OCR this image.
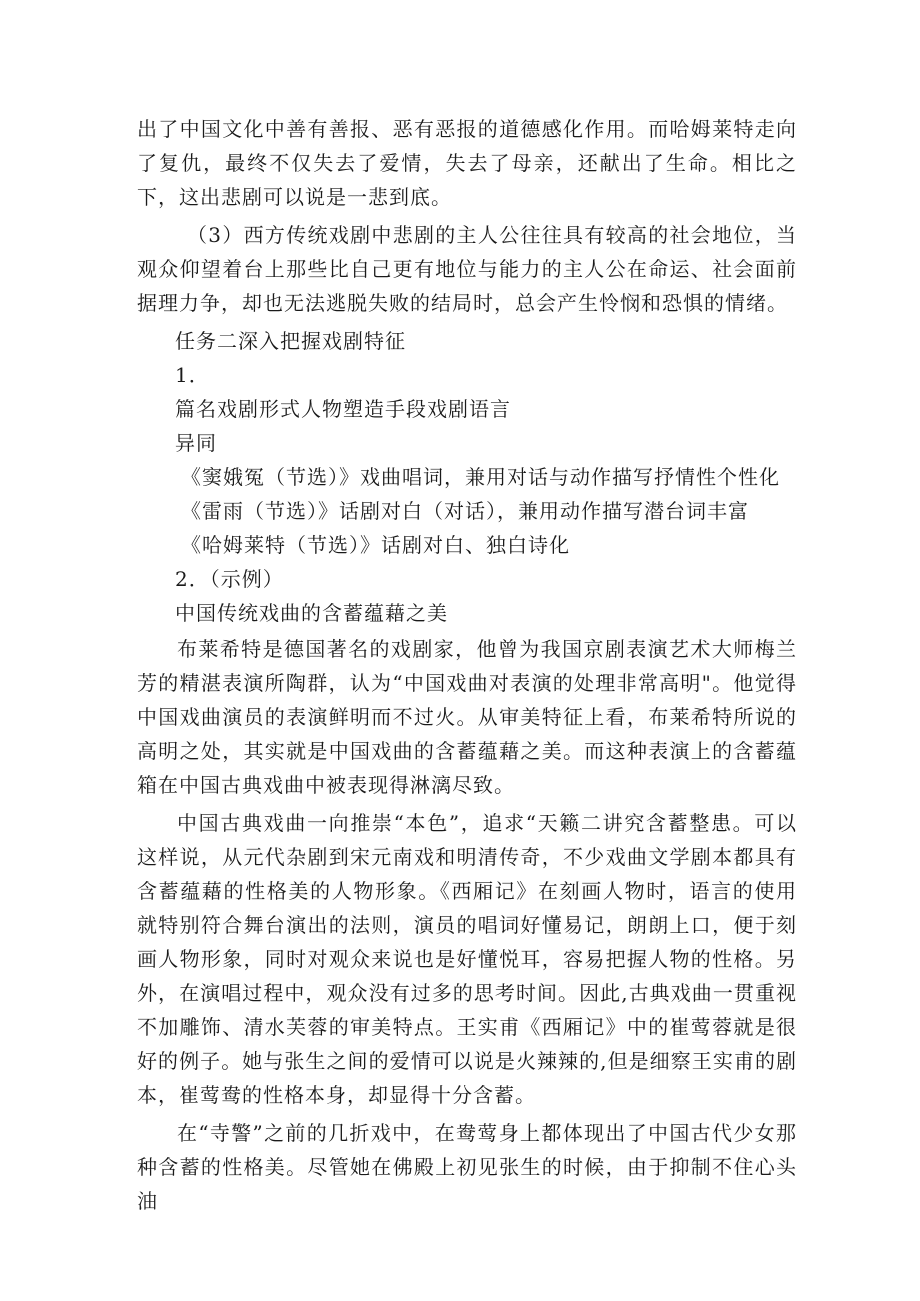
出了中国文化中善有善报、恶有恶报的道德感化作用。而哈姆莱特走向了复仇，最终不仅失去了爱情，失去了母亲，还献出了生命。相比之下，这出悲剧可以说是一悲到底。

（3）西方传统戏剧中悲剧的主人公往往具有较高的社会地位，当观众仰望着台上那些比自己更有地位与能力的主人公在命运、社会面前据理力争，却也无法逃脱失败的结局时，总会产生怜悯和恐惧的情绪。

任务二深入把握戏剧特征

1．

篇名戏剧形式人物塑造手段戏剧语言

异同

《窦娥冤（节选）》戏曲唱词，兼用对话与动作描写抒情性个性化

《雷雨（节选）》话剧对白（对话），兼用动作描写潜台词丰富

《哈姆莱特（节选）》话剧对白、独白诗化

2．（示例）

中国传统戏曲的含蓄蕴藉之美

布莱希特是德国著名的戏剧家，他曾为我国京剧表演艺术大师梅兰芳的精湛表演所陶群，认为“中国戏曲对表演的处理非常高明"。他觉得中国戏曲演员的表演鲜明而不过火。从审美特征上看，布莱希特所说的高明之处，其实就是中国戏曲的含蓄蕴藉之美。而这种表演上的含蓄蕴箱在中国古典戏曲中被表现得淋漓尽致。

中国古典戏曲一向推崇“本色”，追求“天籁二讲究含蓄整患。可以这样说，从元代杂剧到宋元南戏和明清传奇，不少戏曲文学剧本都具有含蓄蕴藉的性格美的人物形象。《西厢记》在刻画人物时，语言的使用就特别符合舞台演出的法则，演员的唱词好懂易记，朗朗上口，便于刻画人物形象，同时对观众来说也是好懂悦耳，容易把握人物的性格。另外，在演唱过程中，观众没有过多的思考时间。因此,古典戏曲一贯重视不加雕饰、清水芙蓉的审美特点。王实甫《西厢记》中的崔莺蓉就是很好的例子。她与张生之间的爱情可以说是火辣辣的,但是细察王实甫的剧本，崔莺鸯的性格本身，却显得十分含蓄。

在“寺警”之前的几折戏中，在鸯莺身上都体现出了中国古代少女那种含蓄的性格美。尽管她在佛殿上初见张生的时候，由于抑制不住心头油
